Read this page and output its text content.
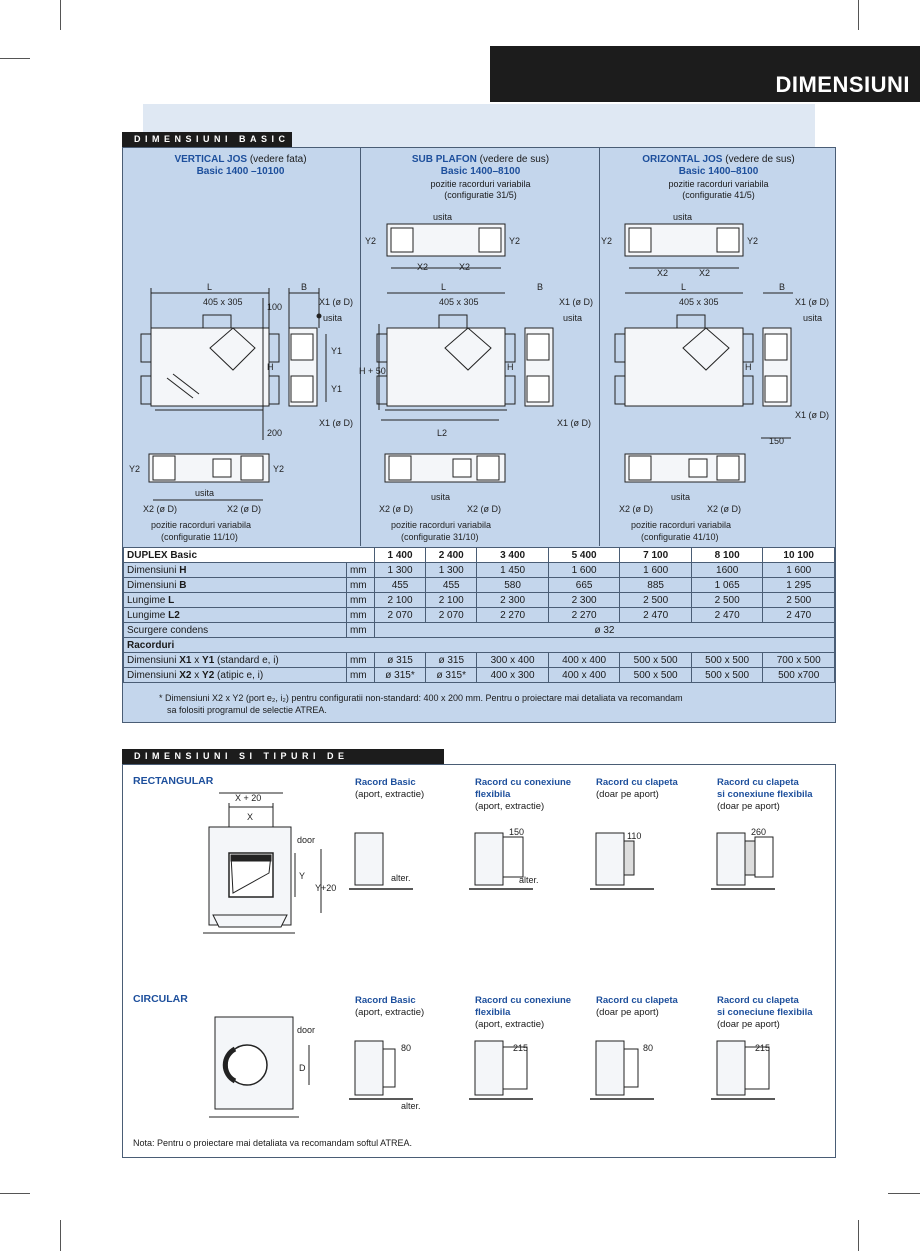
DIMENSIUNI
DIMENSIUNI BASIC
VERTICAL JOS (vedere fata)
Basic 1400 –10100
SUB PLAFON (vedere de sus)
Basic 1400–8100
pozitie racorduri variabila
(configuratie 31/5)
ORIZONTAL JOS (vedere de sus)
Basic 1400–8100
pozitie racorduri variabila
(configuratie 41/5)
usita
L	B
405 x 305	X1 (ø D)
usita
Y1
Y1
H
X1 (ø D)
100
200
Y2	Y2
X2 (ø D)	X2 (ø D)
pozitie racorduri variabila
(configuratie 11/10)
usita
X2	X2
Y2	Y2
L	B
405 x 305	X1 (ø D)
usita
H + 50	H
L2
X1 (ø D)
usita
X2 (ø D)	X2 (ø D)
pozitie racorduri variabila
(configuratie 31/10)
usita
X2	X2
Y2	Y2
L	B
405 x 305	X1 (ø D)
usita
H
X1 (ø D)
150
usita
X2 (ø D)	X2 (ø D)
pozitie racorduri variabila
(configuratie 41/10)
DUPLEX Basic		1 400	2 400	3 400	5 400	7 100	8 100	10 100
Dimensiuni H	mm	1 300	1 300	1 450	1 600	1 600	1600	1 600
Dimensiuni B	mm	455	455	580	665	885	1 065	1 295
Lungime L	mm	2 100	2 100	2 300	2 300	2 500	2 500	2 500
Lungime L2	mm	2 070	2 070	2 270	2 270	2 470	2 470	2 470
Scurgere condens	mm	ø 32						
Racorduri								
Dimensiuni X1 x Y1 (standard e, i)	mm	ø 315	ø 315	300 x 400	400 x 400	500 x 500	500 x 500	700 x 500
Dimensiuni X2 x Y2 (atipic e, i)	mm	ø 315*	ø 315*	400 x 300	400 x 400	500 x 500	500 x 500	500 x700
* Dimensiuni X2 x Y2 (port e₂, i₂) pentru configuratii non-standard: 400 x 200 mm. Pentru o proiectare mai detaliata va recomandam
sa folositi programul de selectie ATREA.
DIMENSIUNI SI TIPURI DE
RECTANGULAR
CIRCULAR
Racord Basic
(aport, extractie)
Racord cu conexiune
flexibila
(aport, extractie)
Racord cu clapeta
(doar pe aport)
Racord cu clapeta
si conexiune flexibila
(doar pe aport)
Racord Basic
(aport, extractie)
Racord cu conexiune
flexibila
(aport, extractie)
Racord cu clapeta
(doar pe aport)
Racord cu clapeta
si coneciune flexibila
(doar pe aport)
X + 20
X
Y
Y+20
door
door
D
150	110	260
80	215	80	215
alter.	alter.
alter.
Nota: Pentru o proiectare mai detaliata va recomandam softul ATREA.
